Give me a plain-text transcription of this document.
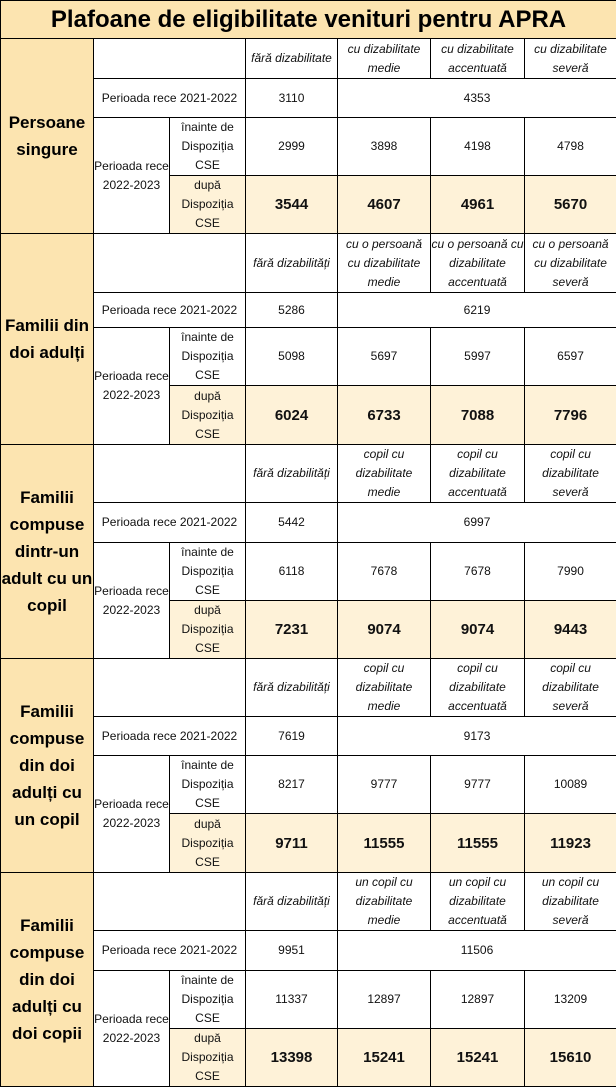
Plafoane de eligibilitate venituri pentru APRA						
Persoane singure			fără dizabilitate	cu dizabilitate medie	cu dizabilitate accentuată	cu dizabilitate severă
	Perioada rece 2021-2022		3110	4353		
	Perioada rece 2022-2023	înainte de Dispoziția CSE	2999	3898	4198	4798
		după Dispoziția CSE	3544	4607	4961	5670
Familii din doi adulți			fără dizabilități	cu o persoană cu dizabilitate medie	cu o persoană cu dizabilitate accentuată	cu o persoană cu dizabilitate severă
	Perioada rece 2021-2022		5286	6219		
	Perioada rece 2022-2023	înainte de Dispoziția CSE	5098	5697	5997	6597
		după Dispoziția CSE	6024	6733	7088	7796
Familii compuse dintr-un adult cu un copil			fără dizabilități	copil cu dizabilitate medie	copil cu dizabilitate accentuată	copil cu dizabilitate severă
	Perioada rece 2021-2022		5442	6997		
	Perioada rece 2022-2023	înainte de Dispoziția CSE	6118	7678	7678	7990
		după Dispoziția CSE	7231	9074	9074	9443
Familii compuse din doi adulți cu un copil			fără dizabilități	copil cu dizabilitate medie	copil cu dizabilitate accentuată	copil cu dizabilitate severă
	Perioada rece 2021-2022		7619	9173		
	Perioada rece 2022-2023	înainte de Dispoziția CSE	8217	9777	9777	10089
		după Dispoziția CSE	9711	11555	11555	11923
Familii compuse din doi adulți cu doi copii			fără dizabilități	un copil cu dizabilitate medie	un copil cu dizabilitate accentuată	un copil cu dizabilitate severă
	Perioada rece 2021-2022		9951	11506		
	Perioada rece 2022-2023	înainte de Dispoziția CSE	11337	12897	12897	13209
		după Dispoziția CSE	13398	15241	15241	15610
